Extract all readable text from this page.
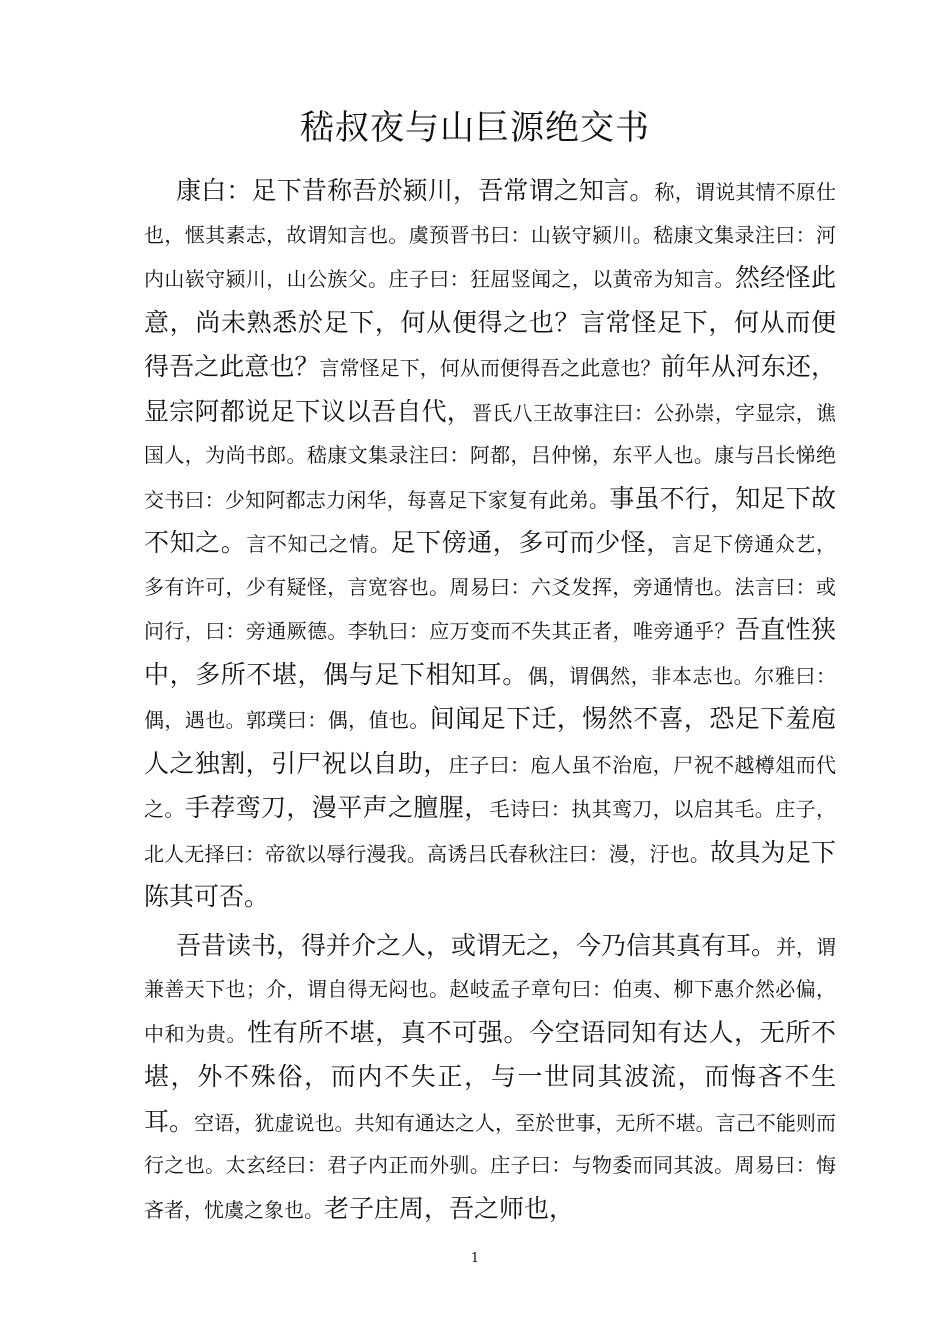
嵇叔夜与山巨源绝交书

康白：足下昔称吾於颍川，吾常谓之知言。称，谓说其情不原仕也，惬其素志，故谓知言也。虞预晋书曰：山嵚守颍川。嵇康文集录注曰：河内山嵚守颍川，山公族父。庄子曰：狂屈竖闻之，以黄帝为知言。然经怪此意，尚未熟悉於足下，何从便得之也？言常怪足下，何从而便得吾之此意也？言常怪足下，何从而便得吾之此意也？前年从河东还，显宗阿都说足下议以吾自代，晋氏八王故事注曰：公孙崇，字显宗，谯国人，为尚书郎。嵇康文集录注曰：阿都，吕仲悌，东平人也。康与吕长悌绝交书曰：少知阿都志力闲华，每喜足下家复有此弟。事虽不行，知足下故不知之。言不知己之情。足下傍通，多可而少怪，言足下傍通众艺，多有许可，少有疑怪，言宽容也。周易曰：六爻发挥，旁通情也。法言曰：或问行，曰：旁通厥德。李轨曰：应万变而不失其正者，唯旁通乎？吾直性狭中，多所不堪，偶与足下相知耳。偶，谓偶然，非本志也。尔雅曰：偶，遇也。郭璞曰：偶，值也。间闻足下迁，惕然不喜，恐足下羞庖人之独割，引尸祝以自助，庄子曰：庖人虽不治庖，尸祝不越樽俎而代之。手荐鸾刀，漫平声之膻腥，毛诗曰：执其鸾刀，以启其毛。庄子，北人无择曰：帝欲以辱行漫我。高诱吕氏春秋注曰：漫，汙也。故具为足下陈其可否。

吾昔读书，得并介之人，或谓无之，今乃信其真有耳。并，谓兼善天下也；介，谓自得无闷也。赵岐孟子章句曰：伯夷、柳下惠介然必偏，中和为贵。性有所不堪，真不可强。今空语同知有达人，无所不堪，外不殊俗，而内不失正，与一世同其波流，而悔吝不生耳。空语，犹虚说也。共知有通达之人，至於世事，无所不堪。言己不能则而行之也。太玄经曰：君子内正而外驯。庄子曰：与物委而同其波。周易曰：悔吝者，忧虞之象也。老子庄周，吾之师也，

1
